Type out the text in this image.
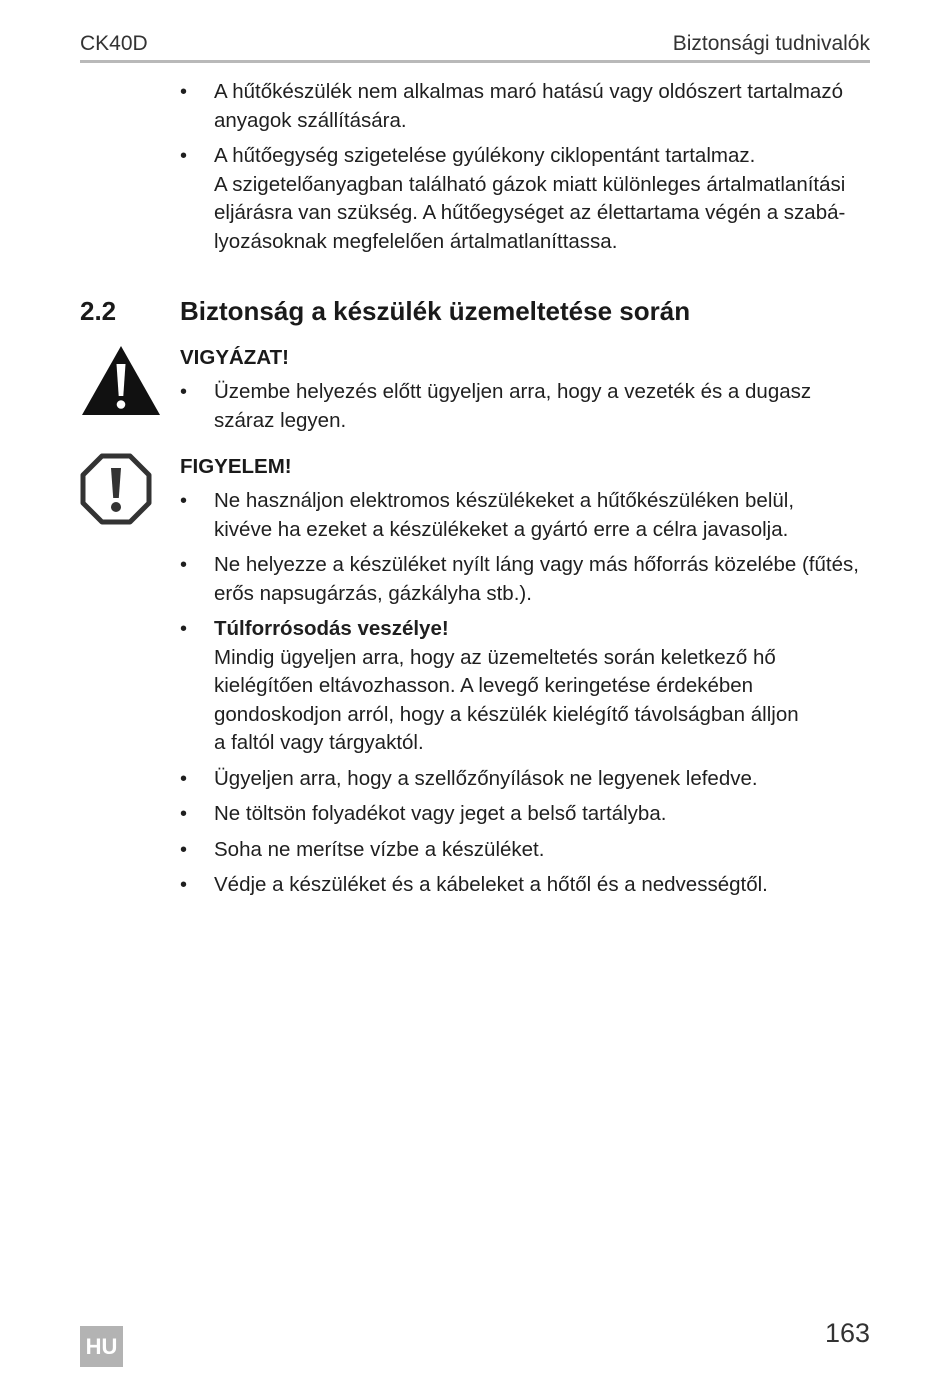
CK40D	Biztonsági tudnivalók
• A hűtőkészülék nem alkalmas maró hatású vagy oldószert tartalmazó
anyagok szállítására.
• A hűtőegység szigetelése gyúlékony ciklopentánt tartalmaz.
A szigetelőanyagban található gázok miatt különleges ártalmatlanítási
eljárásra van szükség. A hűtőegységet az élettartama végén a szabá-
lyozásoknak megfelelően ártalmatlaníttassa.
2.2 Biztonság a készülék üzemeltetése során
VIGYÁZAT!
• Üzembe helyezés előtt ügyeljen arra, hogy a vezeték és a dugasz
száraz legyen.
FIGYELEM!
• Ne használjon elektromos készülékeket a hűtőkészüléken belül,
kivéve ha ezeket a készülékeket a gyártó erre a célra javasolja.
• Ne helyezze a készüléket nyílt láng vagy más hőforrás közelébe (fűtés,
erős napsugárzás, gázkályha stb.).
• Túlforrósodás veszélye!
Mindig ügyeljen arra, hogy az üzemeltetés során keletkező hő
kielégítően eltávozhasson. A levegő keringetése érdekében
gondoskodjon arról, hogy a készülék kielégítő távolságban álljon
a faltól vagy tárgyaktól.
• Ügyeljen arra, hogy a szellőzőnyílások ne legyenek lefedve.
• Ne töltsön folyadékot vagy jeget a belső tartályba.
• Soha ne merítse vízbe a készüléket.
• Védje a készüléket és a kábeleket a hőtől és a nedvességtől.
HU	163
